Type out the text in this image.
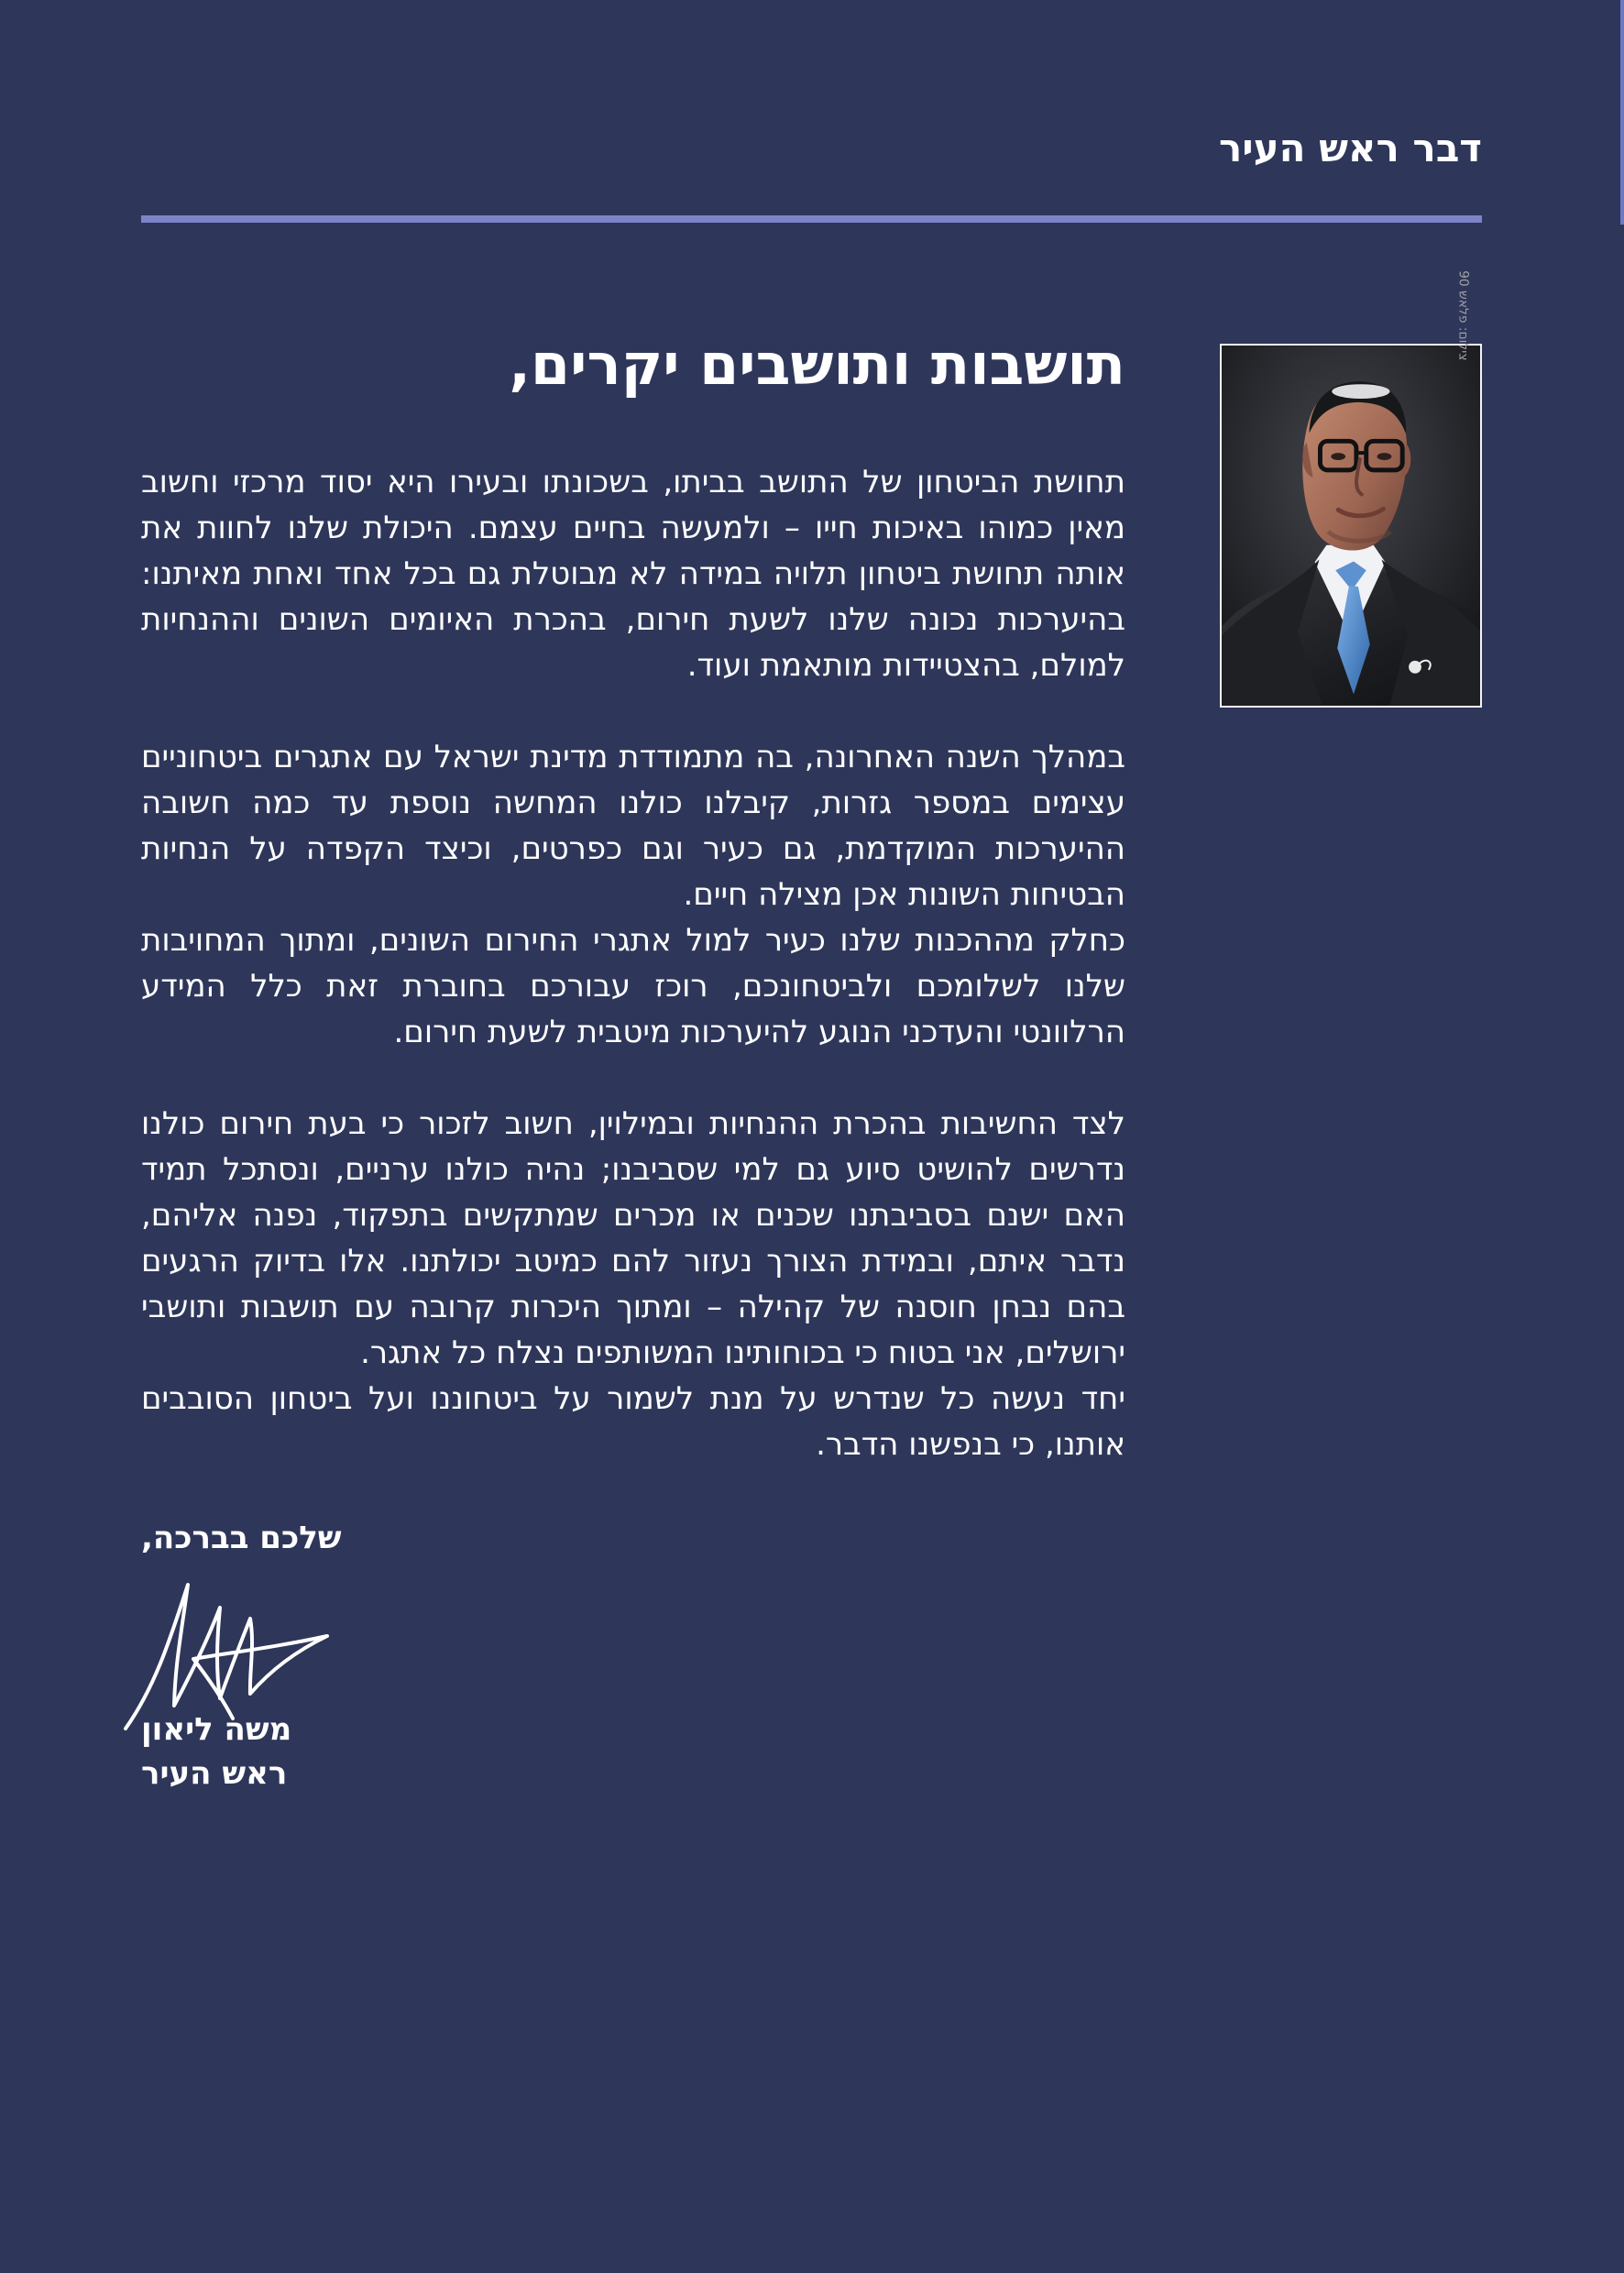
דבר ראש העיר
צילום: פלאש 90
תושבות ותושבים יקרים,

תחושת הביטחון של התושב בביתו, בשכונתו ובעירו היא יסוד מרכזי וחשוב מאין כמוהו באיכות חייו – ולמעשה בחיים עצמם. היכולת שלנו לחוות את אותה תחושת ביטחון תלויה במידה לא מבוטלת גם בכל אחד ואחת מאיתנו: בהיערכות נכונה שלנו לשעת חירום, בהכרת האיומים השונים וההנחיות למולם, בהצטיידות מותאמת ועוד.

במהלך השנה האחרונה, בה מתמודדת מדינת ישראל עם אתגרים ביטחוניים עצימים במספר גזרות, קיבלנו כולנו המחשה נוספת עד כמה חשובה ההיערכות המוקדמת, גם כעיר וגם כפרטים, וכיצד הקפדה על הנחיות הבטיחות השונות אכן מצילה חיים.

כחלק מההכנות שלנו כעיר למול אתגרי החירום השונים, ומתוך המחויבות שלנו לשלומכם ולביטחונכם, רוכז עבורכם בחוברת זאת כלל המידע הרלוונטי והעדכני הנוגע להיערכות מיטבית לשעת חירום.

לצד החשיבות בהכרת ההנחיות ובמילוין, חשוב לזכור כי בעת חירום כולנו נדרשים להושיט סיוע גם למי שסביבנו; נהיה כולנו ערניים, ונסתכל תמיד האם ישנם בסביבתנו שכנים או מכרים שמתקשים בתפקוד, נפנה אליהם, נדבר איתם, ובמידת הצורך נעזור להם כמיטב יכולתנו. אלו בדיוק הרגעים בהם נבחן חוסנה של קהילה – ומתוך היכרות קרובה עם תושבות ותושבי ירושלים, אני בטוח כי בכוחותינו המשותפים נצלח כל אתגר.

יחד נעשה כל שנדרש על מנת לשמור על ביטחוננו ועל ביטחון הסובבים אותנו, כי בנפשנו הדבר.

שלכם בברכה,
משה ליאון
ראש העיר
